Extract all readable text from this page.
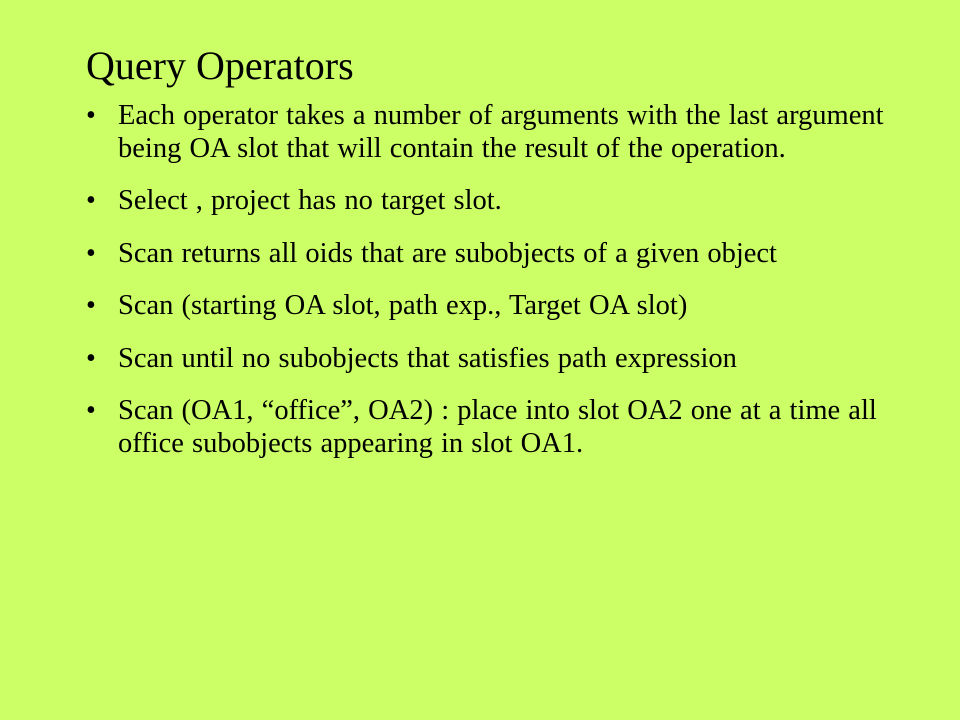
Query Operators
• Each operator takes a number of arguments with the last argument being OA slot that will contain the result of the operation.
• Select , project has no target slot.
• Scan returns all oids that are subobjects of a given object
• Scan (starting OA slot, path exp., Target OA slot)
• Scan until no subobjects that satisfies path expression
• Scan (OA1, “office”, OA2) : place into slot OA2 one at a time all office subobjects appearing in slot OA1.
